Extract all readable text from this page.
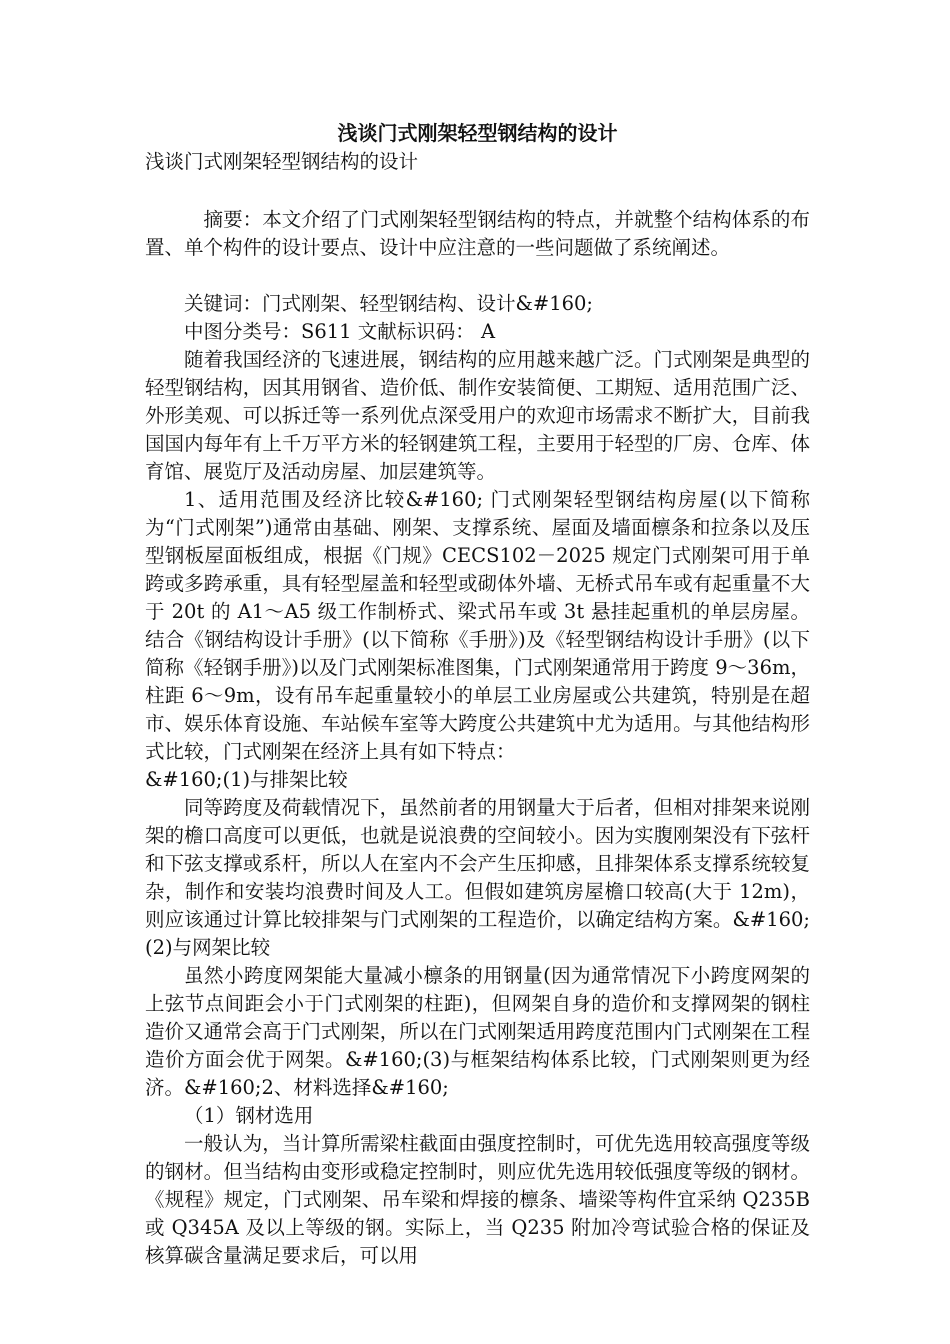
浅谈门式刚架轻型钢结构的设计

浅谈门式刚架轻型钢结构的设计

摘要：本文介绍了门式刚架轻型钢结构的特点，并就整个结构体系的布置、单个构件的设计要点、设计中应注意的一些问题做了系统阐述。

关键词：门式刚架、轻型钢结构、设计&#160;

中图分类号：S611 文献标识码： A

随着我国经济的飞速进展，钢结构的应用越来越广泛。门式刚架是典型的轻型钢结构，因其用钢省、造价低、制作安装简便、工期短、适用范围广泛、外形美观、可以拆迁等一系列优点深受用户的欢迎市场需求不断扩大，目前我国国内每年有上千万平方米的轻钢建筑工程，主要用于轻型的厂房、仓库、体育馆、展览厅及活动房屋、加层建筑等。

1、适用范围及经济比较&#160; 门式刚架轻型钢结构房屋(以下简称为“门式刚架”)通常由基础、刚架、支撑系统、屋面及墙面檩条和拉条以及压型钢板屋面板组成，根据《门规》CECS102－2025 规定门式刚架可用于单跨或多跨承重，具有轻型屋盖和轻型或砌体外墙、无桥式吊车或有起重量不大于 20t 的 A1～A5 级工作制桥式、梁式吊车或 3t 悬挂起重机的单层房屋。结合《钢结构设计手册》(以下简称《手册》)及《轻型钢结构设计手册》(以下简称《轻钢手册》)以及门式刚架标准图集，门式刚架通常用于跨度 9～36m，柱距 6～9m，设有吊车起重量较小的单层工业房屋或公共建筑，特别是在超市、娱乐体育设施、车站候车室等大跨度公共建筑中尤为适用。与其他结构形式比较，门式刚架在经济上具有如下特点：

&#160;(1)与排架比较

同等跨度及荷载情况下，虽然前者的用钢量大于后者，但相对排架来说刚架的檐口高度可以更低，也就是说浪费的空间较小。因为实腹刚架没有下弦杆和下弦支撑或系杆，所以人在室内不会产生压抑感，且排架体系支撑系统较复杂，制作和安装均浪费时间及人工。但假如建筑房屋檐口较高(大于 12m)，则应该通过计算比较排架与门式刚架的工程造价，以确定结构方案。&#160;(2)与网架比较

虽然小跨度网架能大量减小檩条的用钢量(因为通常情况下小跨度网架的上弦节点间距会小于门式刚架的柱距)，但网架自身的造价和支撑网架的钢柱造价又通常会高于门式刚架，所以在门式刚架适用跨度范围内门式刚架在工程造价方面会优于网架。&#160;(3)与框架结构体系比较，门式刚架则更为经济。&#160;2、材料选择&#160;

（1）钢材选用

一般认为，当计算所需梁柱截面由强度控制时，可优先选用较高强度等级的钢材。但当结构由变形或稳定控制时，则应优先选用较低强度等级的钢材。《规程》规定，门式刚架、吊车梁和焊接的檩条、墙梁等构件宜采纳 Q235B 或 Q345A 及以上等级的钢。实际上，当 Q235 附加冷弯试验合格的保证及核算碳含量满足要求后，可以用
